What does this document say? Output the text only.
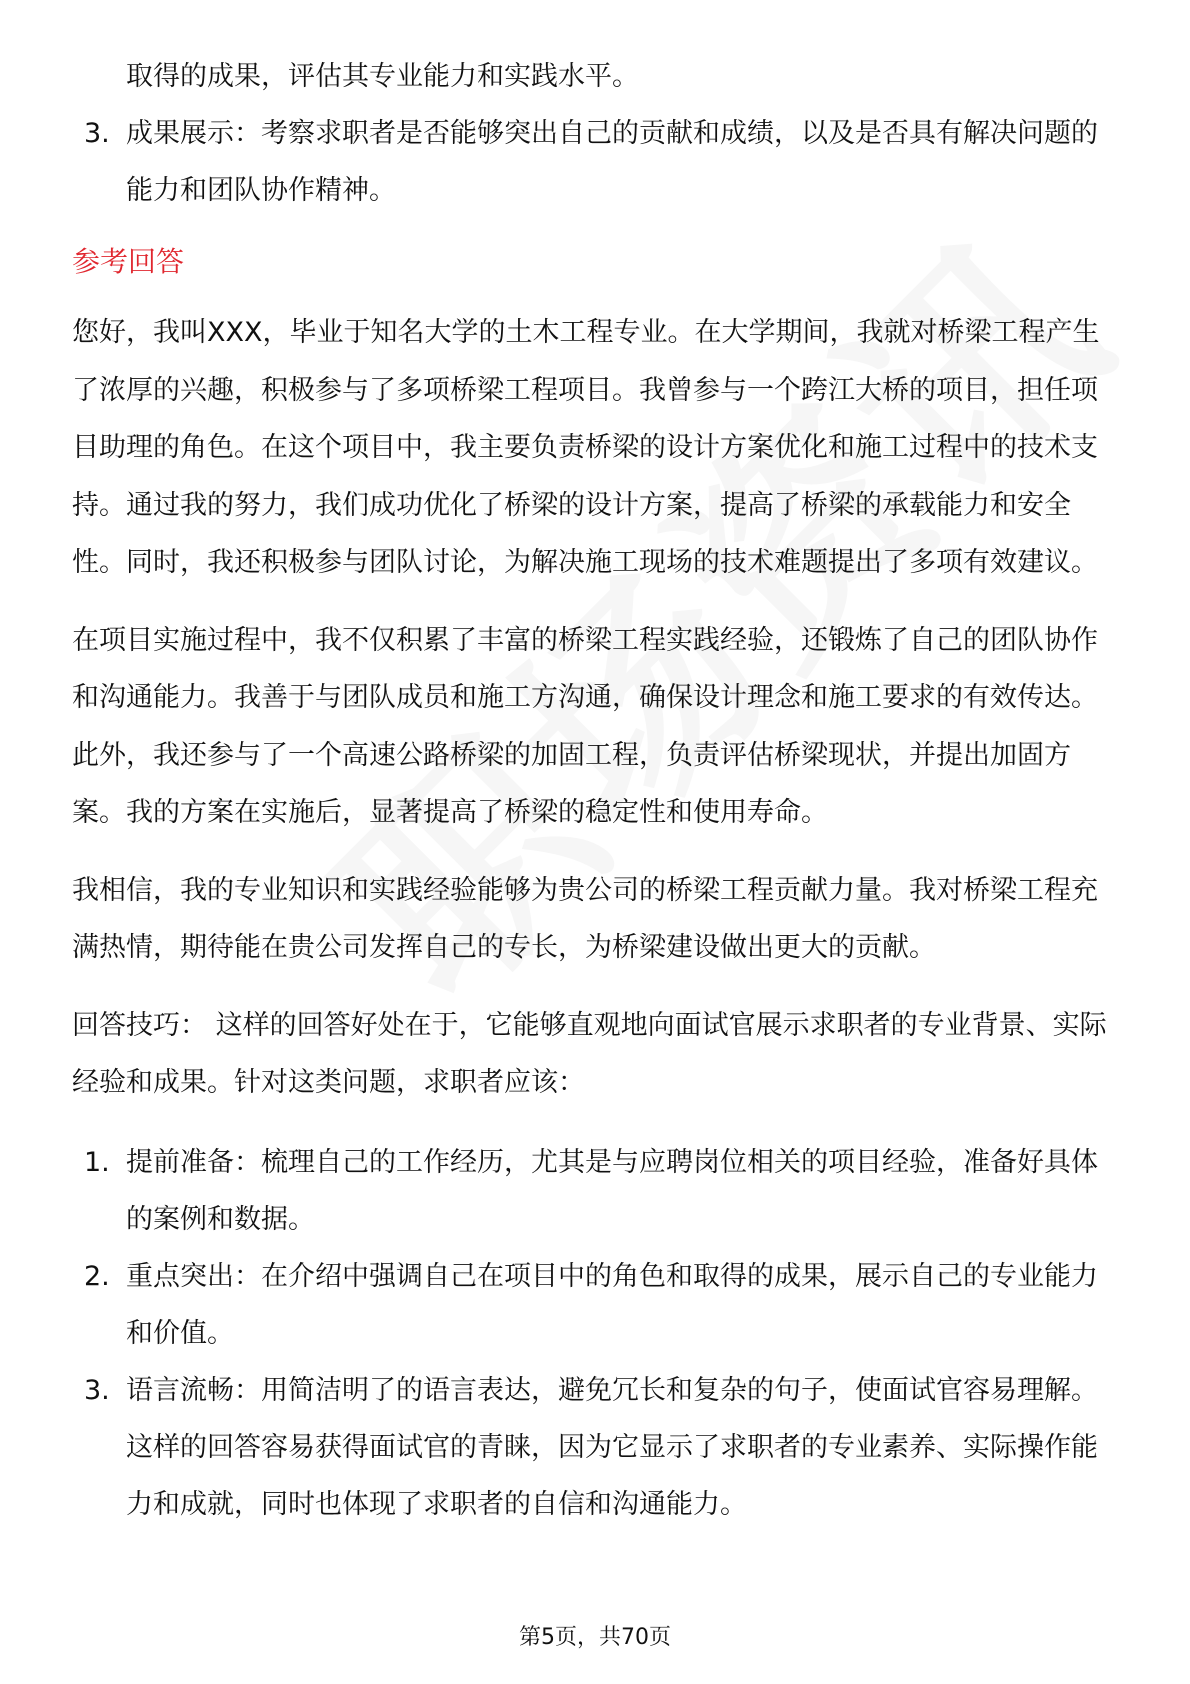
取得的成果，评估其专业能力和实践水平。

3. 成果展示：考察求职者是否能够突出自己的贡献和成绩，以及是否具有解决问题的能力和团队协作精神。

参考回答

您好，我叫XXX，毕业于知名大学的土木工程专业。在大学期间，我就对桥梁工程产生了浓厚的兴趣，积极参与了多项桥梁工程项目。我曾参与一个跨江大桥的项目，担任项目助理的角色。在这个项目中，我主要负责桥梁的设计方案优化和施工过程中的技术支持。通过我的努力，我们成功优化了桥梁的设计方案，提高了桥梁的承载能力和安全性。同时，我还积极参与团队讨论，为解决施工现场的技术难题提出了多项有效建议。

在项目实施过程中，我不仅积累了丰富的桥梁工程实践经验，还锻炼了自己的团队协作和沟通能力。我善于与团队成员和施工方沟通，确保设计理念和施工要求的有效传达。此外，我还参与了一个高速公路桥梁的加固工程，负责评估桥梁现状，并提出加固方案。我的方案在实施后，显著提高了桥梁的稳定性和使用寿命。

我相信，我的专业知识和实践经验能够为贵公司的桥梁工程贡献力量。我对桥梁工程充满热情，期待能在贵公司发挥自己的专长，为桥梁建设做出更大的贡献。

回答技巧： 这样的回答好处在于，它能够直观地向面试官展示求职者的专业背景、实际经验和成果。针对这类问题，求职者应该：

1. 提前准备：梳理自己的工作经历，尤其是与应聘岗位相关的项目经验，准备好具体的案例和数据。

2. 重点突出：在介绍中强调自己在项目中的角色和取得的成果，展示自己的专业能力和价值。

3. 语言流畅：用简洁明了的语言表达，避免冗长和复杂的句子，使面试官容易理解。 这样的回答容易获得面试官的青睐，因为它显示了求职者的专业素养、实际操作能力和成就，同时也体现了求职者的自信和沟通能力。

第5页，共70页
